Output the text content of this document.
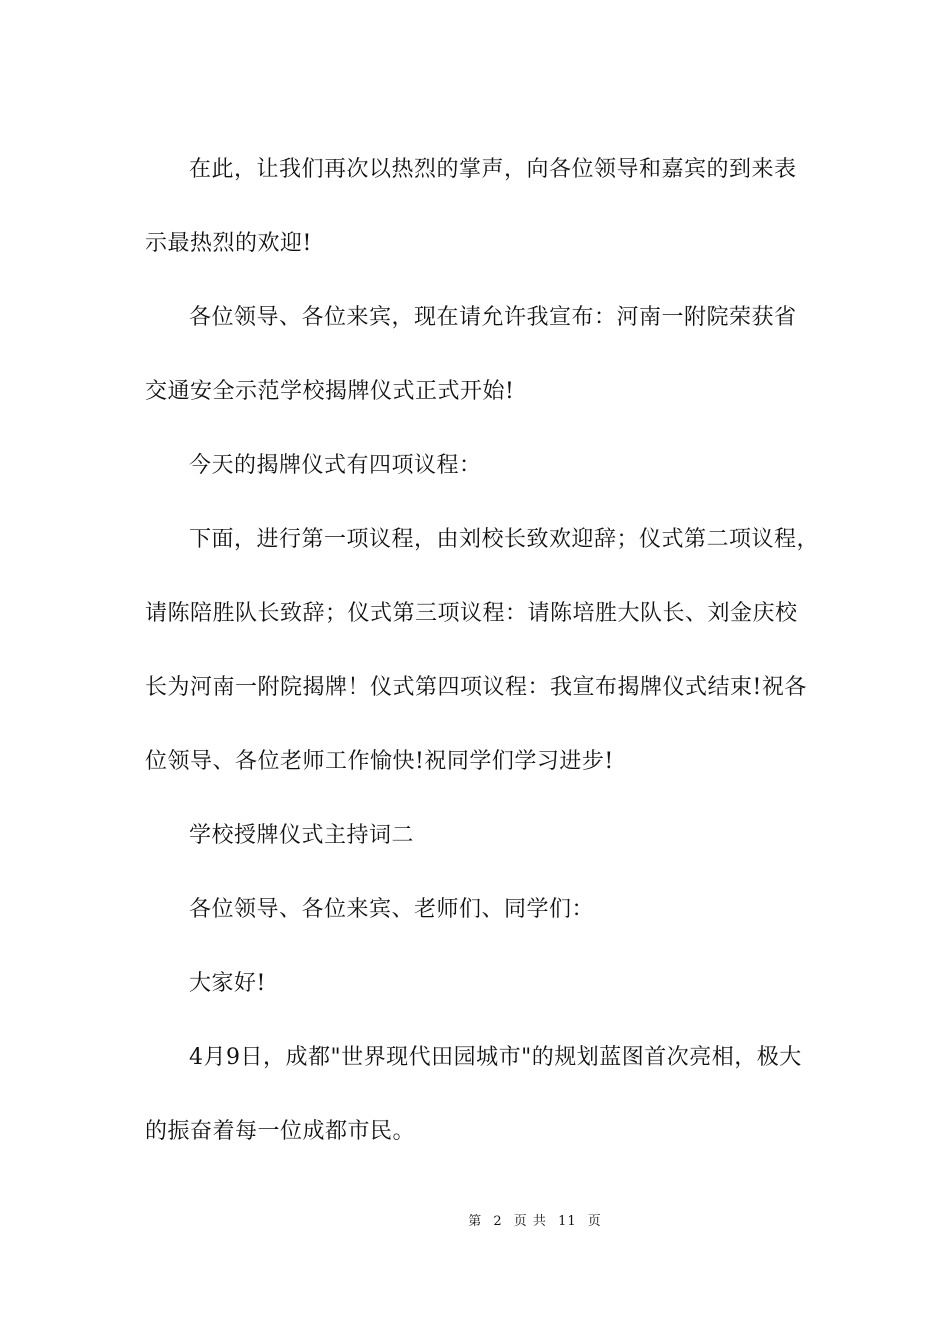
在此，让我们再次以热烈的掌声，向各位领导和嘉宾的到来表

示最热烈的欢迎!

各位领导、各位来宾，现在请允许我宣布：河南一附院荣获省

交通安全示范学校揭牌仪式正式开始!

今天的揭牌仪式有四项议程：

下面，进行第一项议程，由刘校长致欢迎辞；仪式第二项议程，

请陈陪胜队长致辞；仪式第三项议程：请陈培胜大队长、刘金庆校

长为河南一附院揭牌！仪式第四项议程：我宣布揭牌仪式结束!祝各

位领导、各位老师工作愉快!祝同学们学习进步!

学校授牌仪式主持词二

各位领导、各位来宾、老师们、同学们：

大家好!

4月9日，成都"世界现代田园城市"的规划蓝图首次亮相，极大

的振奋着每一位成都市民。

第 2 页 共 11 页
